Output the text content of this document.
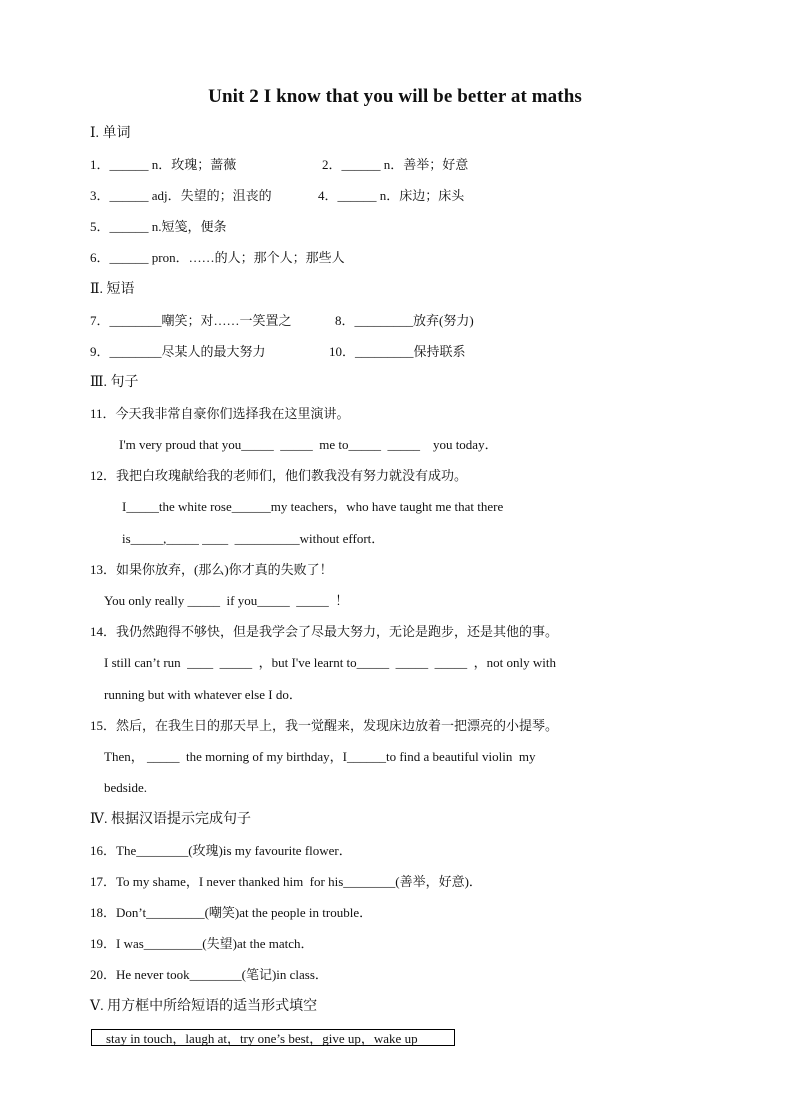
Unit 2 I know that you will be better at maths
Ⅰ. 单词
1．______ n．玫瑰；蔷薇	2．______ n．善举；好意
3．______ adj．失望的；沮丧的	4．______ n．床边；床头
5．______ n.短笺，便条
6．______ pron．……的人；那个人；那些人
Ⅱ. 短语
7．________嘲笑；对……一笑置之	8．_________放弃(努力)
9．________尽某人的最大努力	10．_________保持联系
Ⅲ. 句子
11．今天我非常自豪你们选择我在这里演讲。
I'm very proud that you_____  _____  me to_____  _____    you today．
12．我把白玫瑰献给我的老师们，他们教我没有努力就没有成功。
I_____the white rose______my teachers，who have taught me that there
is_____,_____ ____  __________without effort．
13．如果你放弃，(那么)你才真的失败了！
You only really _____  if you_____  _____  ！
14．我仍然跑得不够快，但是我学会了尽最大努力，无论是跑步，还是其他的事。
I still can’t run  ____  _____  ，but I've learnt to_____  _____  _____  ，not only with
running but with whatever else I do．
15．然后，在我生日的那天早上，我一觉醒来，发现床边放着一把漂亮的小提琴。
Then， _____  the morning of my birthday，I______to find a beautiful violin  my
bedside.
Ⅳ. 根据汉语提示完成句子
16．The________(玫瑰)is my favourite flower．
17．To my shame，I never thanked him  for his________(善举，好意)．
18．Don’t_________(嘲笑)at the people in trouble．
19．I was_________(失望)at the match．
20．He never took________(笔记)in class．
Ⅴ. 用方框中所给短语的适当形式填空
stay in touch，laugh at，try one’s best，give up，wake up
